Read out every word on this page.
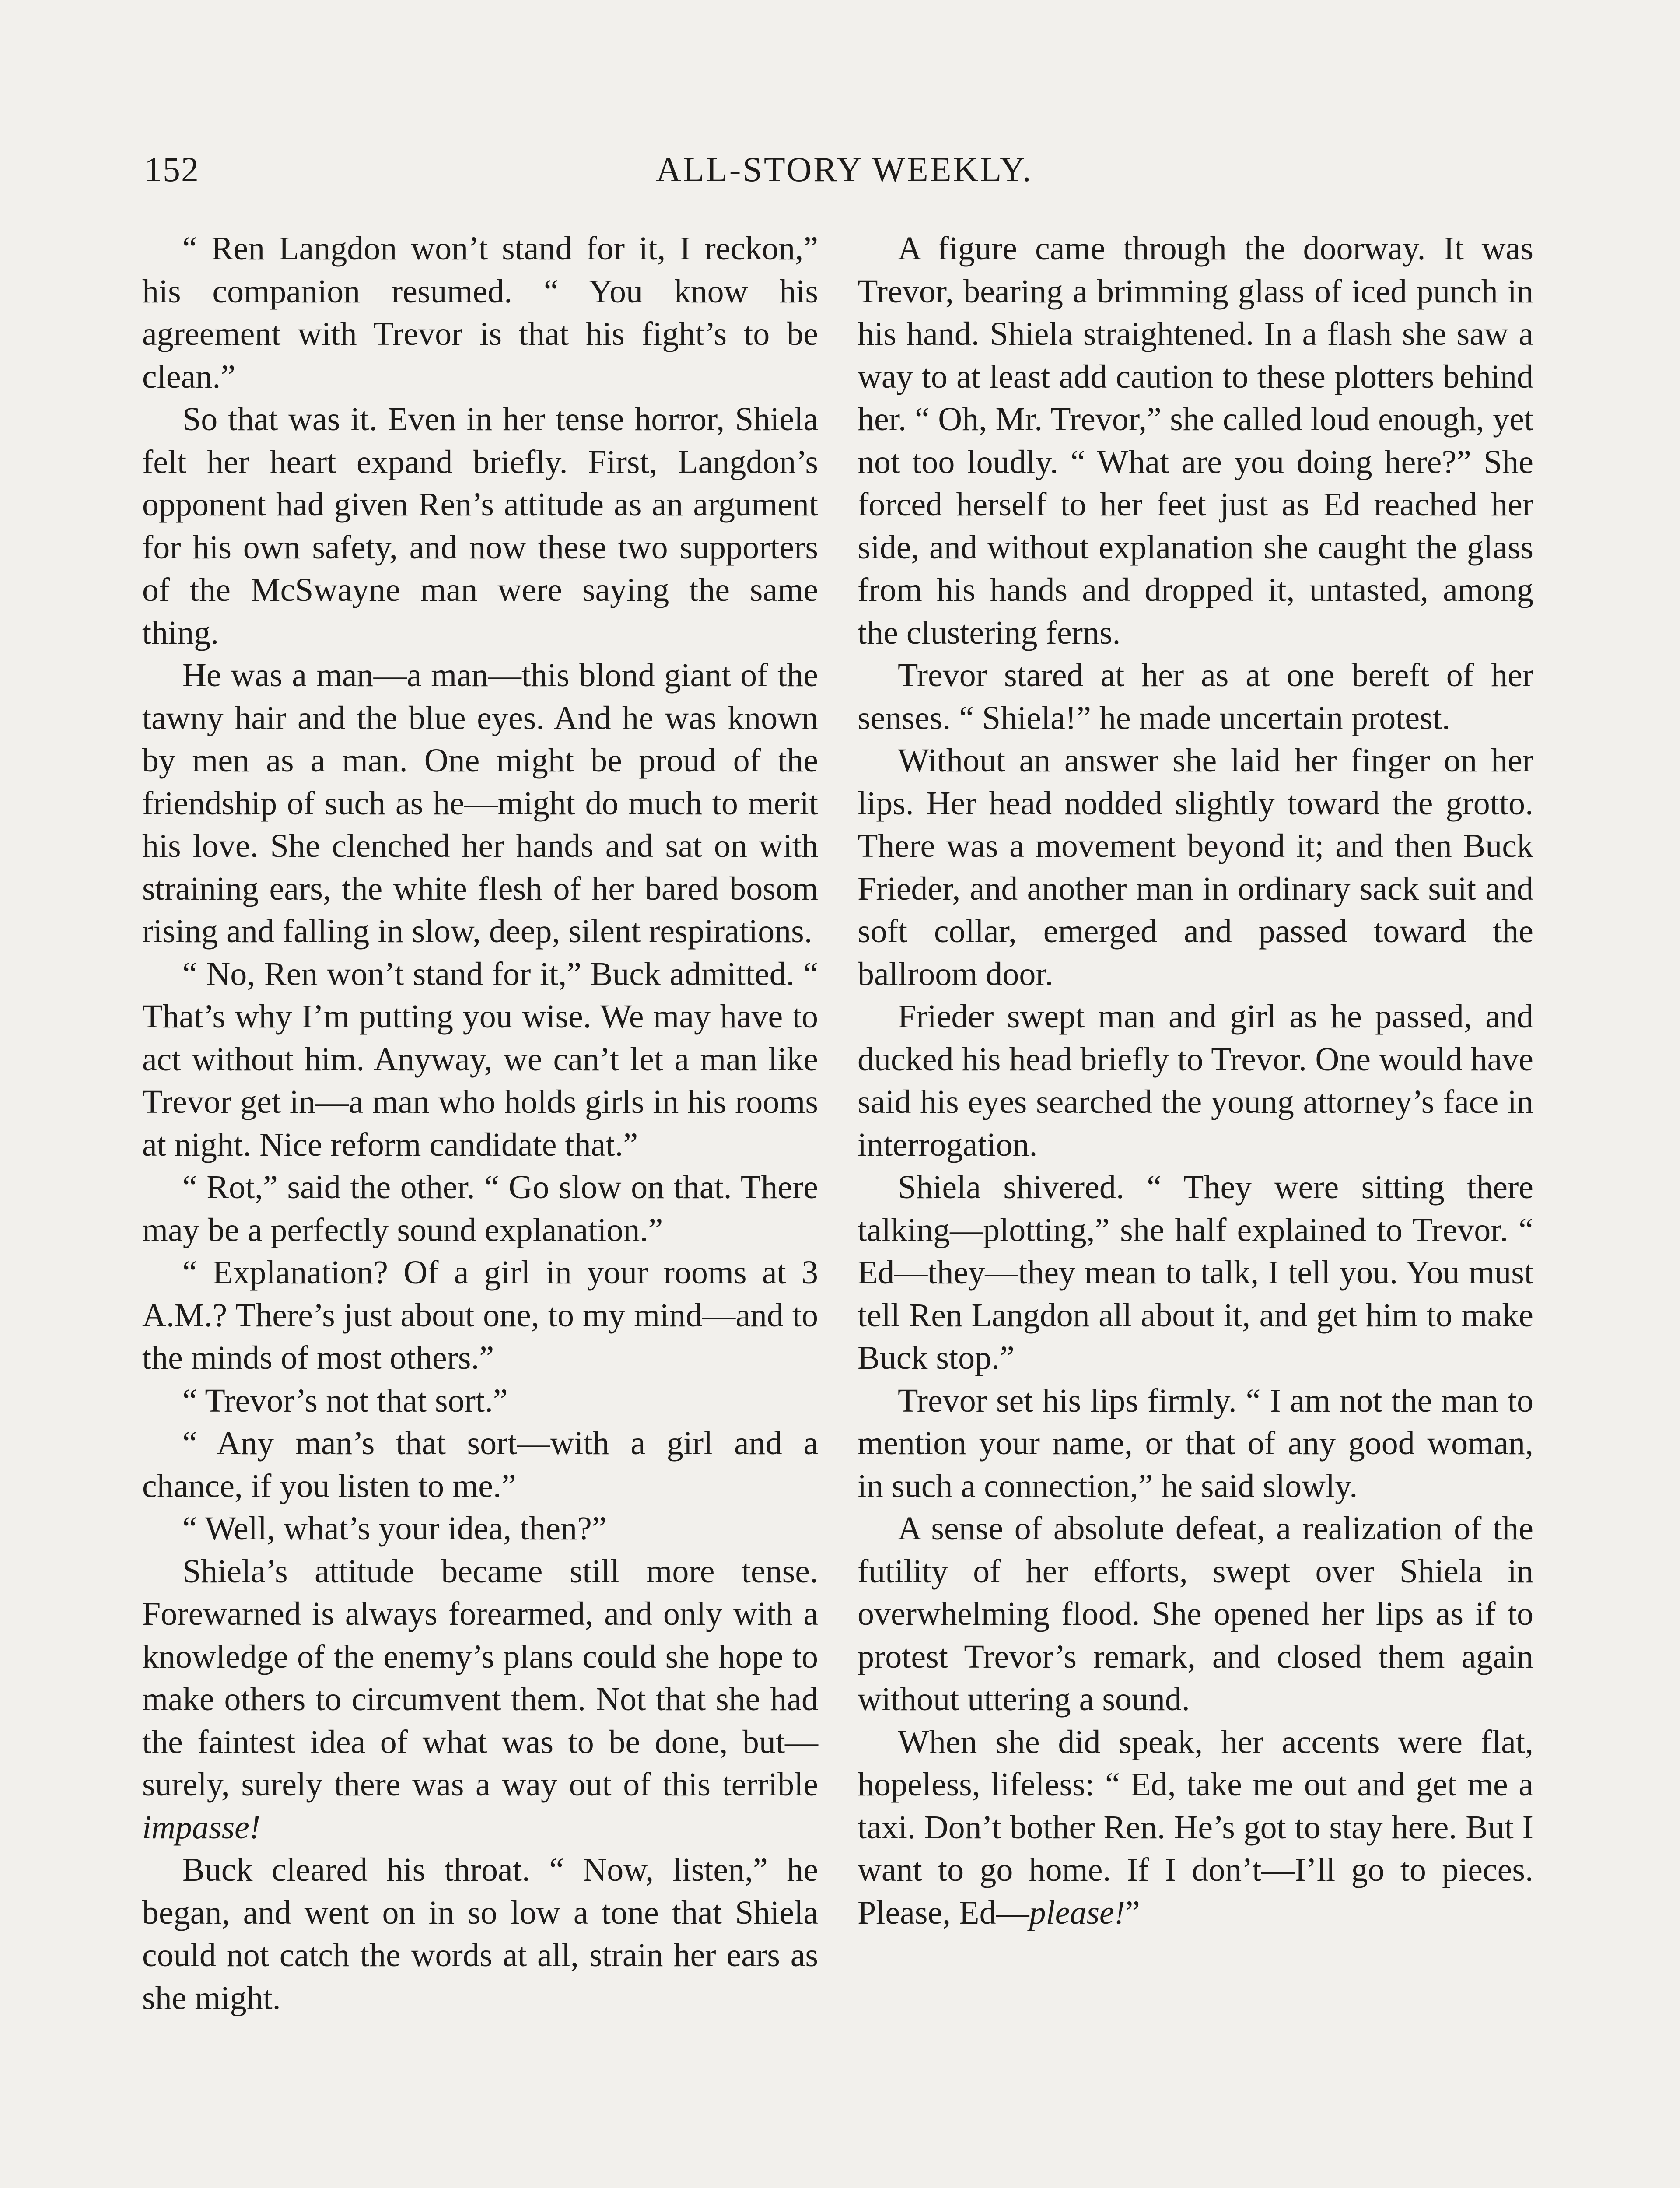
152	ALL-STORY WEEKLY.

“ Ren Langdon won’t stand for it, I reckon,” his companion resumed. “ You know his agreement with Trevor is that his fight’s to be clean.”

So that was it. Even in her tense horror, Shiela felt her heart expand briefly. First, Langdon’s opponent had given Ren’s attitude as an argument for his own safety, and now these two supporters of the McSwayne man were saying the same thing.

He was a man—a man—this blond giant of the tawny hair and the blue eyes. And he was known by men as a man. One might be proud of the friendship of such as he—might do much to merit his love. She clenched her hands and sat on with straining ears, the white flesh of her bared bosom rising and falling in slow, deep, silent respirations.

“ No, Ren won’t stand for it,” Buck admitted. “ That’s why I’m putting you wise. We may have to act without him. Anyway, we can’t let a man like Trevor get in—a man who holds girls in his rooms at night. Nice reform candidate that.”

“ Rot,” said the other. “ Go slow on that. There may be a perfectly sound explanation.”

“ Explanation? Of a girl in your rooms at 3 A.M.? There’s just about one, to my mind—and to the minds of most others.”

“ Trevor’s not that sort.”

“ Any man’s that sort—with a girl and a chance, if you listen to me.”

“ Well, what’s your idea, then?”

Shiela’s attitude became still more tense. Forewarned is always forearmed, and only with a knowledge of the enemy’s plans could she hope to make others to circumvent them. Not that she had the faintest idea of what was to be done, but—surely, surely there was a way out of this terrible impasse!

Buck cleared his throat. “ Now, listen,” he began, and went on in so low a tone that Shiela could not catch the words at all, strain her ears as she might.

A figure came through the doorway. It was Trevor, bearing a brimming glass of iced punch in his hand. Shiela straightened. In a flash she saw a way to at least add caution to these plotters behind her. “ Oh, Mr. Trevor,” she called loud enough, yet not too loudly. “ What are you doing here?” She forced herself to her feet just as Ed reached her side, and without explanation she caught the glass from his hands and dropped it, untasted, among the clustering ferns.

Trevor stared at her as at one bereft of her senses. “ Shiela!” he made uncertain protest.

Without an answer she laid her finger on her lips. Her head nodded slightly toward the grotto. There was a movement beyond it; and then Buck Frieder, and another man in ordinary sack suit and soft collar, emerged and passed toward the ballroom door.

Frieder swept man and girl as he passed, and ducked his head briefly to Trevor. One would have said his eyes searched the young attorney’s face in interrogation.

Shiela shivered. “ They were sitting there talking—plotting,” she half explained to Trevor. “ Ed—they—they mean to talk, I tell you. You must tell Ren Langdon all about it, and get him to make Buck stop.”

Trevor set his lips firmly. “ I am not the man to mention your name, or that of any good woman, in such a connection,” he said slowly.

A sense of absolute defeat, a realization of the futility of her efforts, swept over Shiela in overwhelming flood. She opened her lips as if to protest Trevor’s remark, and closed them again without uttering a sound.

When she did speak, her accents were flat, hopeless, lifeless: “ Ed, take me out and get me a taxi. Don’t bother Ren. He’s got to stay here. But I want to go home. If I don’t—I’ll go to pieces. Please, Ed—please!”
